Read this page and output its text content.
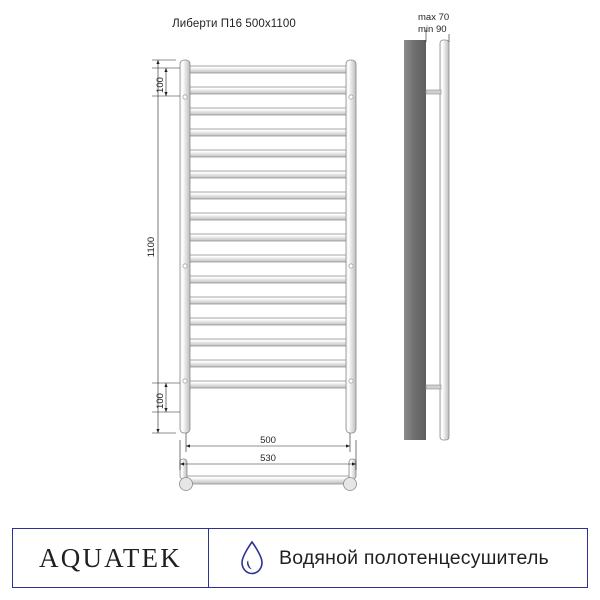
Либерти П16 500x1100
max 70
min 90
100
1100
100
500
530
AQUATEK	Водяной полотенцесушитель
